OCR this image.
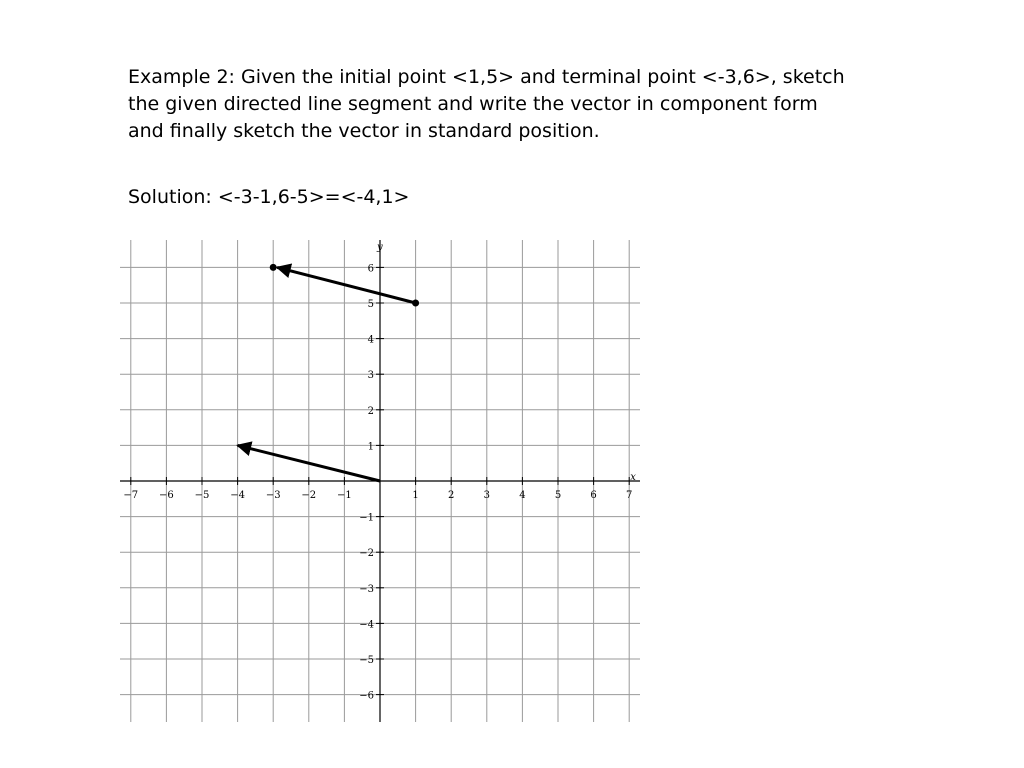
Example 2: Given the initial point <1,5> and terminal point <-3,6>, sketch
the given directed line segment and write the vector in component form
and finally sketch the vector in standard position.
Solution: <-3-1,6-5>=<-4,1>
x
y
−7 −6 −5 −4 −3 −2 −1	1	2	3	4	5	6	7
−6
−5
−4
−3
−2
−1
1
2
3
4
5
6
